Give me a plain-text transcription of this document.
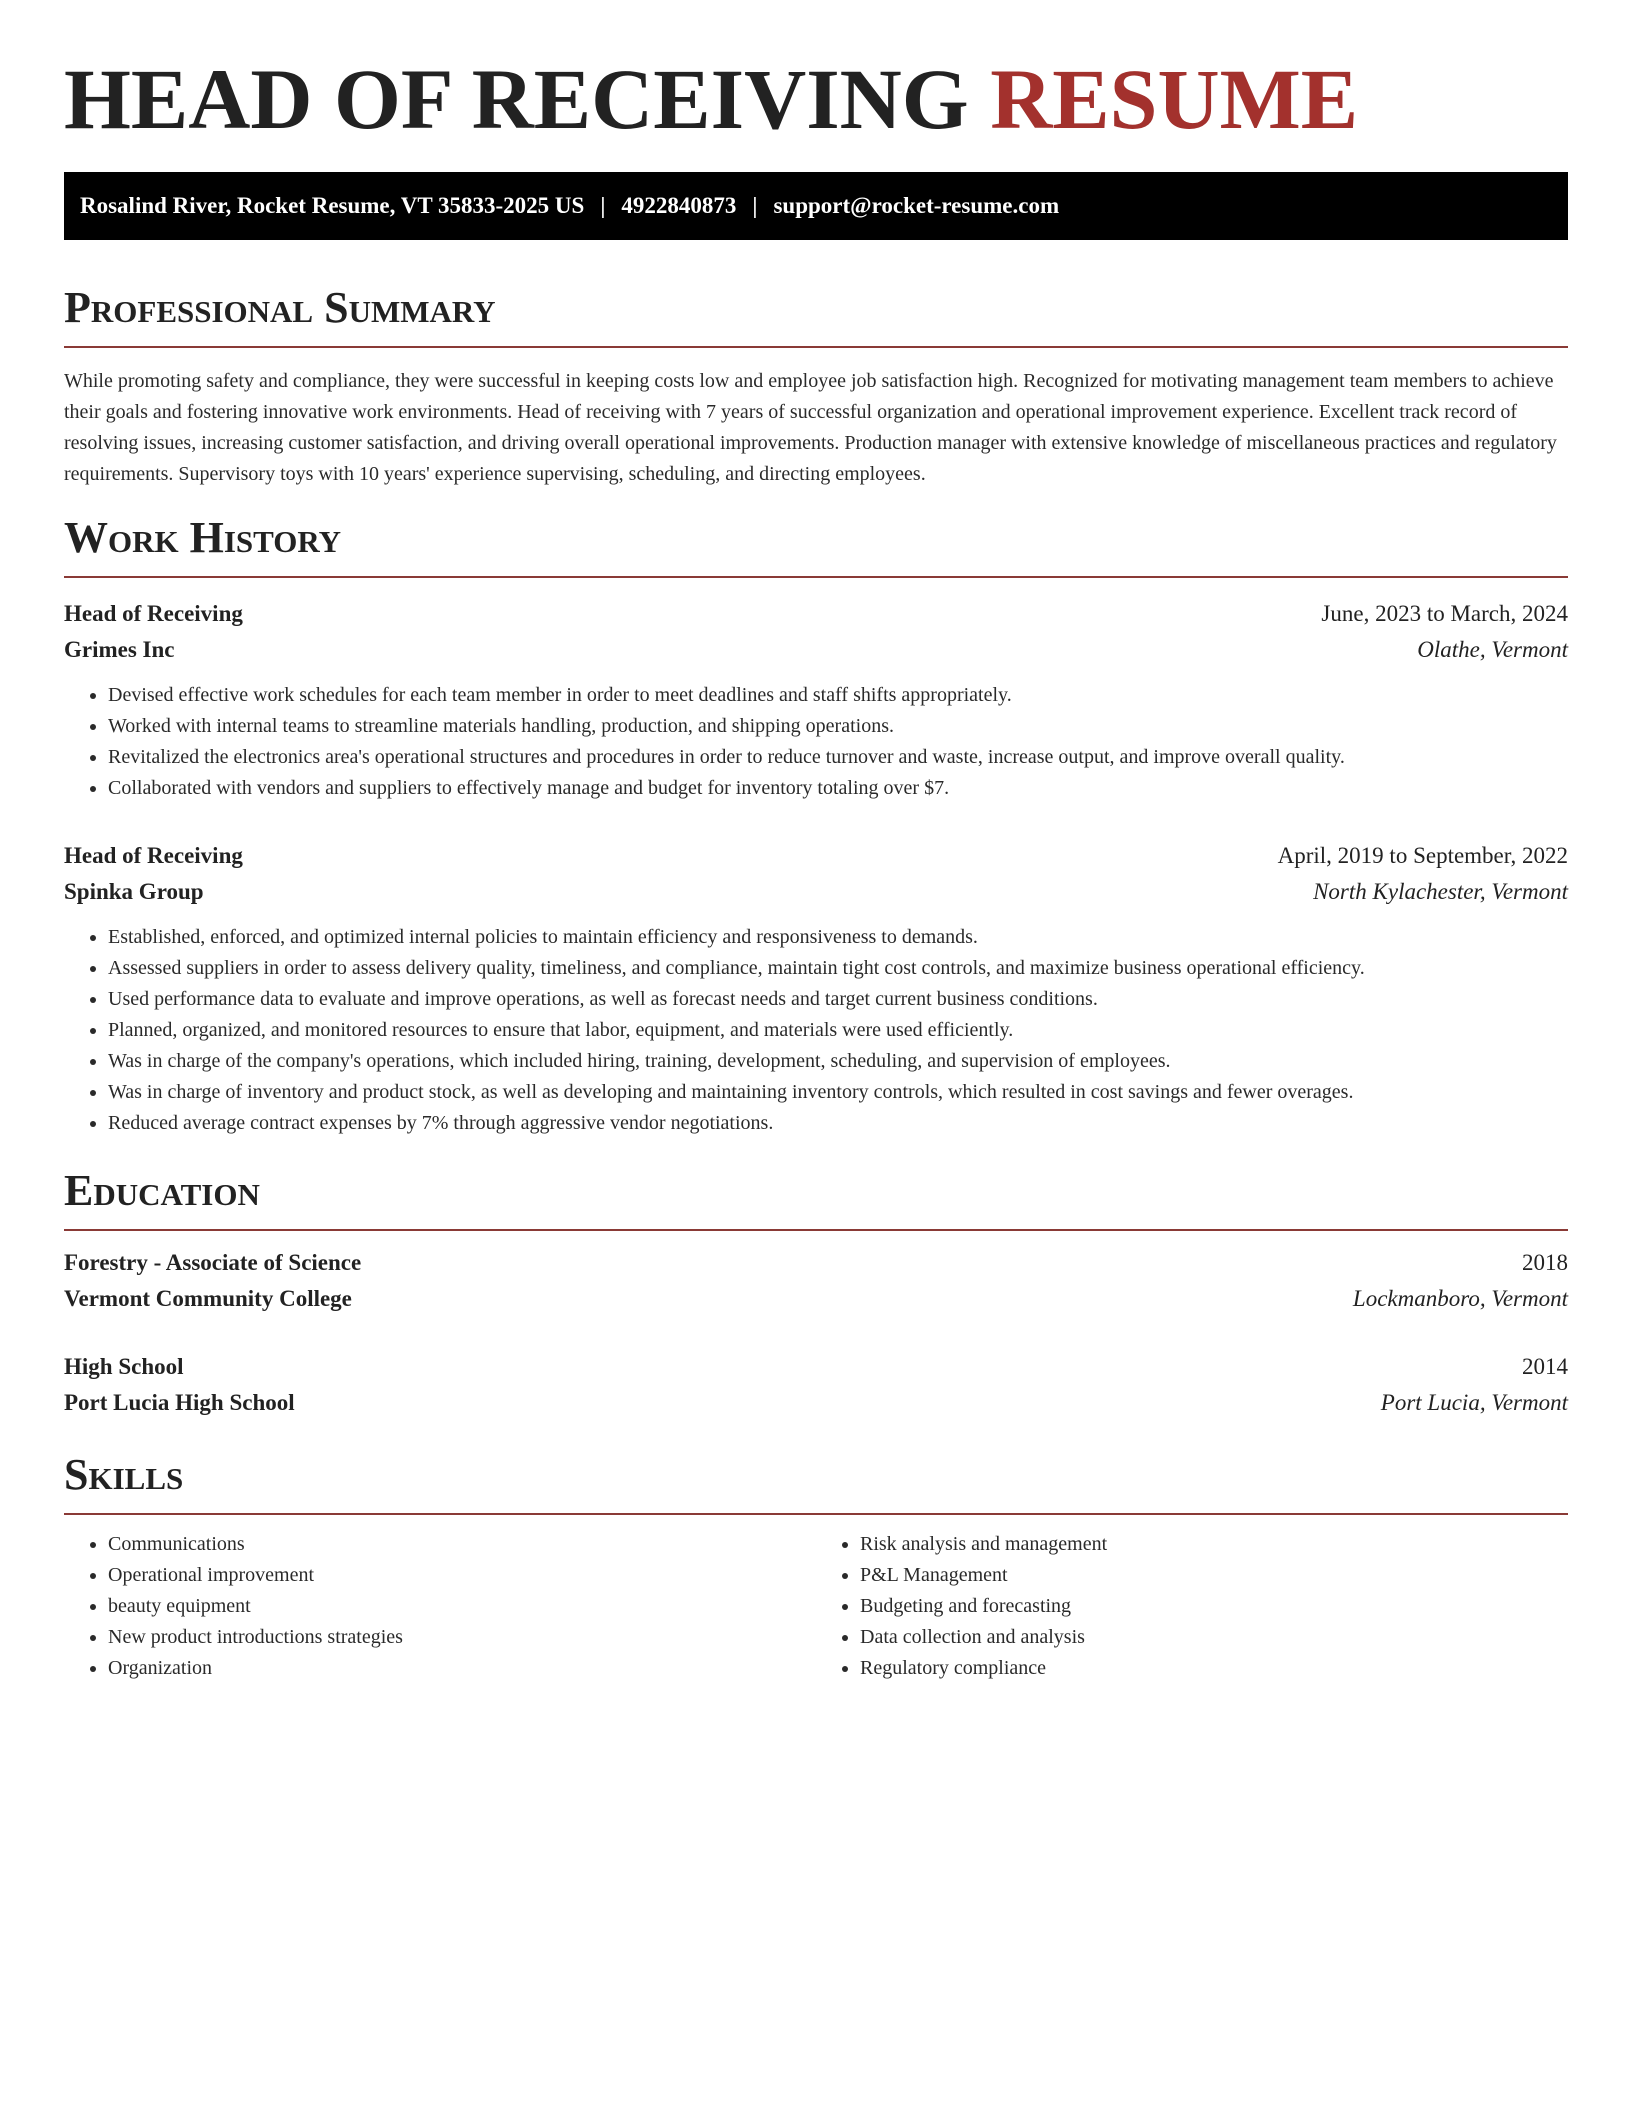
HEAD OF RECEIVING RESUME
Rosalind River, Rocket Resume, VT 35833-2025 US | 4922840873 | support@rocket-resume.com
Professional Summary

While promoting safety and compliance, they were successful in keeping costs low and employee job satisfaction high. Recognized for motivating management team members to achieve their goals and fostering innovative work environments. Head of receiving with 7 years of successful organization and operational improvement experience. Excellent track record of resolving issues, increasing customer satisfaction, and driving overall operational improvements. Production manager with extensive knowledge of miscellaneous practices and regulatory requirements. Supervisory toys with 10 years' experience supervising, scheduling, and directing employees.

Work History
Head of Receiving	June, 2023 to March, 2024
Grimes Inc	Olathe, Vermont
• Devised effective work schedules for each team member in order to meet deadlines and staff shifts appropriately.
• Worked with internal teams to streamline materials handling, production, and shipping operations.
• Revitalized the electronics area's operational structures and procedures in order to reduce turnover and waste, increase output, and improve overall quality.
• Collaborated with vendors and suppliers to effectively manage and budget for inventory totaling over $7.
Head of Receiving	April, 2019 to September, 2022
Spinka Group	North Kylachester, Vermont
• Established, enforced, and optimized internal policies to maintain efficiency and responsiveness to demands.
• Assessed suppliers in order to assess delivery quality, timeliness, and compliance, maintain tight cost controls, and maximize business operational efficiency.
• Used performance data to evaluate and improve operations, as well as forecast needs and target current business conditions.
• Planned, organized, and monitored resources to ensure that labor, equipment, and materials were used efficiently.
• Was in charge of the company's operations, which included hiring, training, development, scheduling, and supervision of employees.
• Was in charge of inventory and product stock, as well as developing and maintaining inventory controls, which resulted in cost savings and fewer overages.
• Reduced average contract expenses by 7% through aggressive vendor negotiations.
Education
Forestry - Associate of Science	2018
Vermont Community College	Lockmanboro, Vermont
High School	2014
Port Lucia High School	Port Lucia, Vermont
Skills
• Communications
• Operational improvement
• beauty equipment
• New product introductions strategies
• Organization
• Risk analysis and management
• P&L Management
• Budgeting and forecasting
• Data collection and analysis
• Regulatory compliance
